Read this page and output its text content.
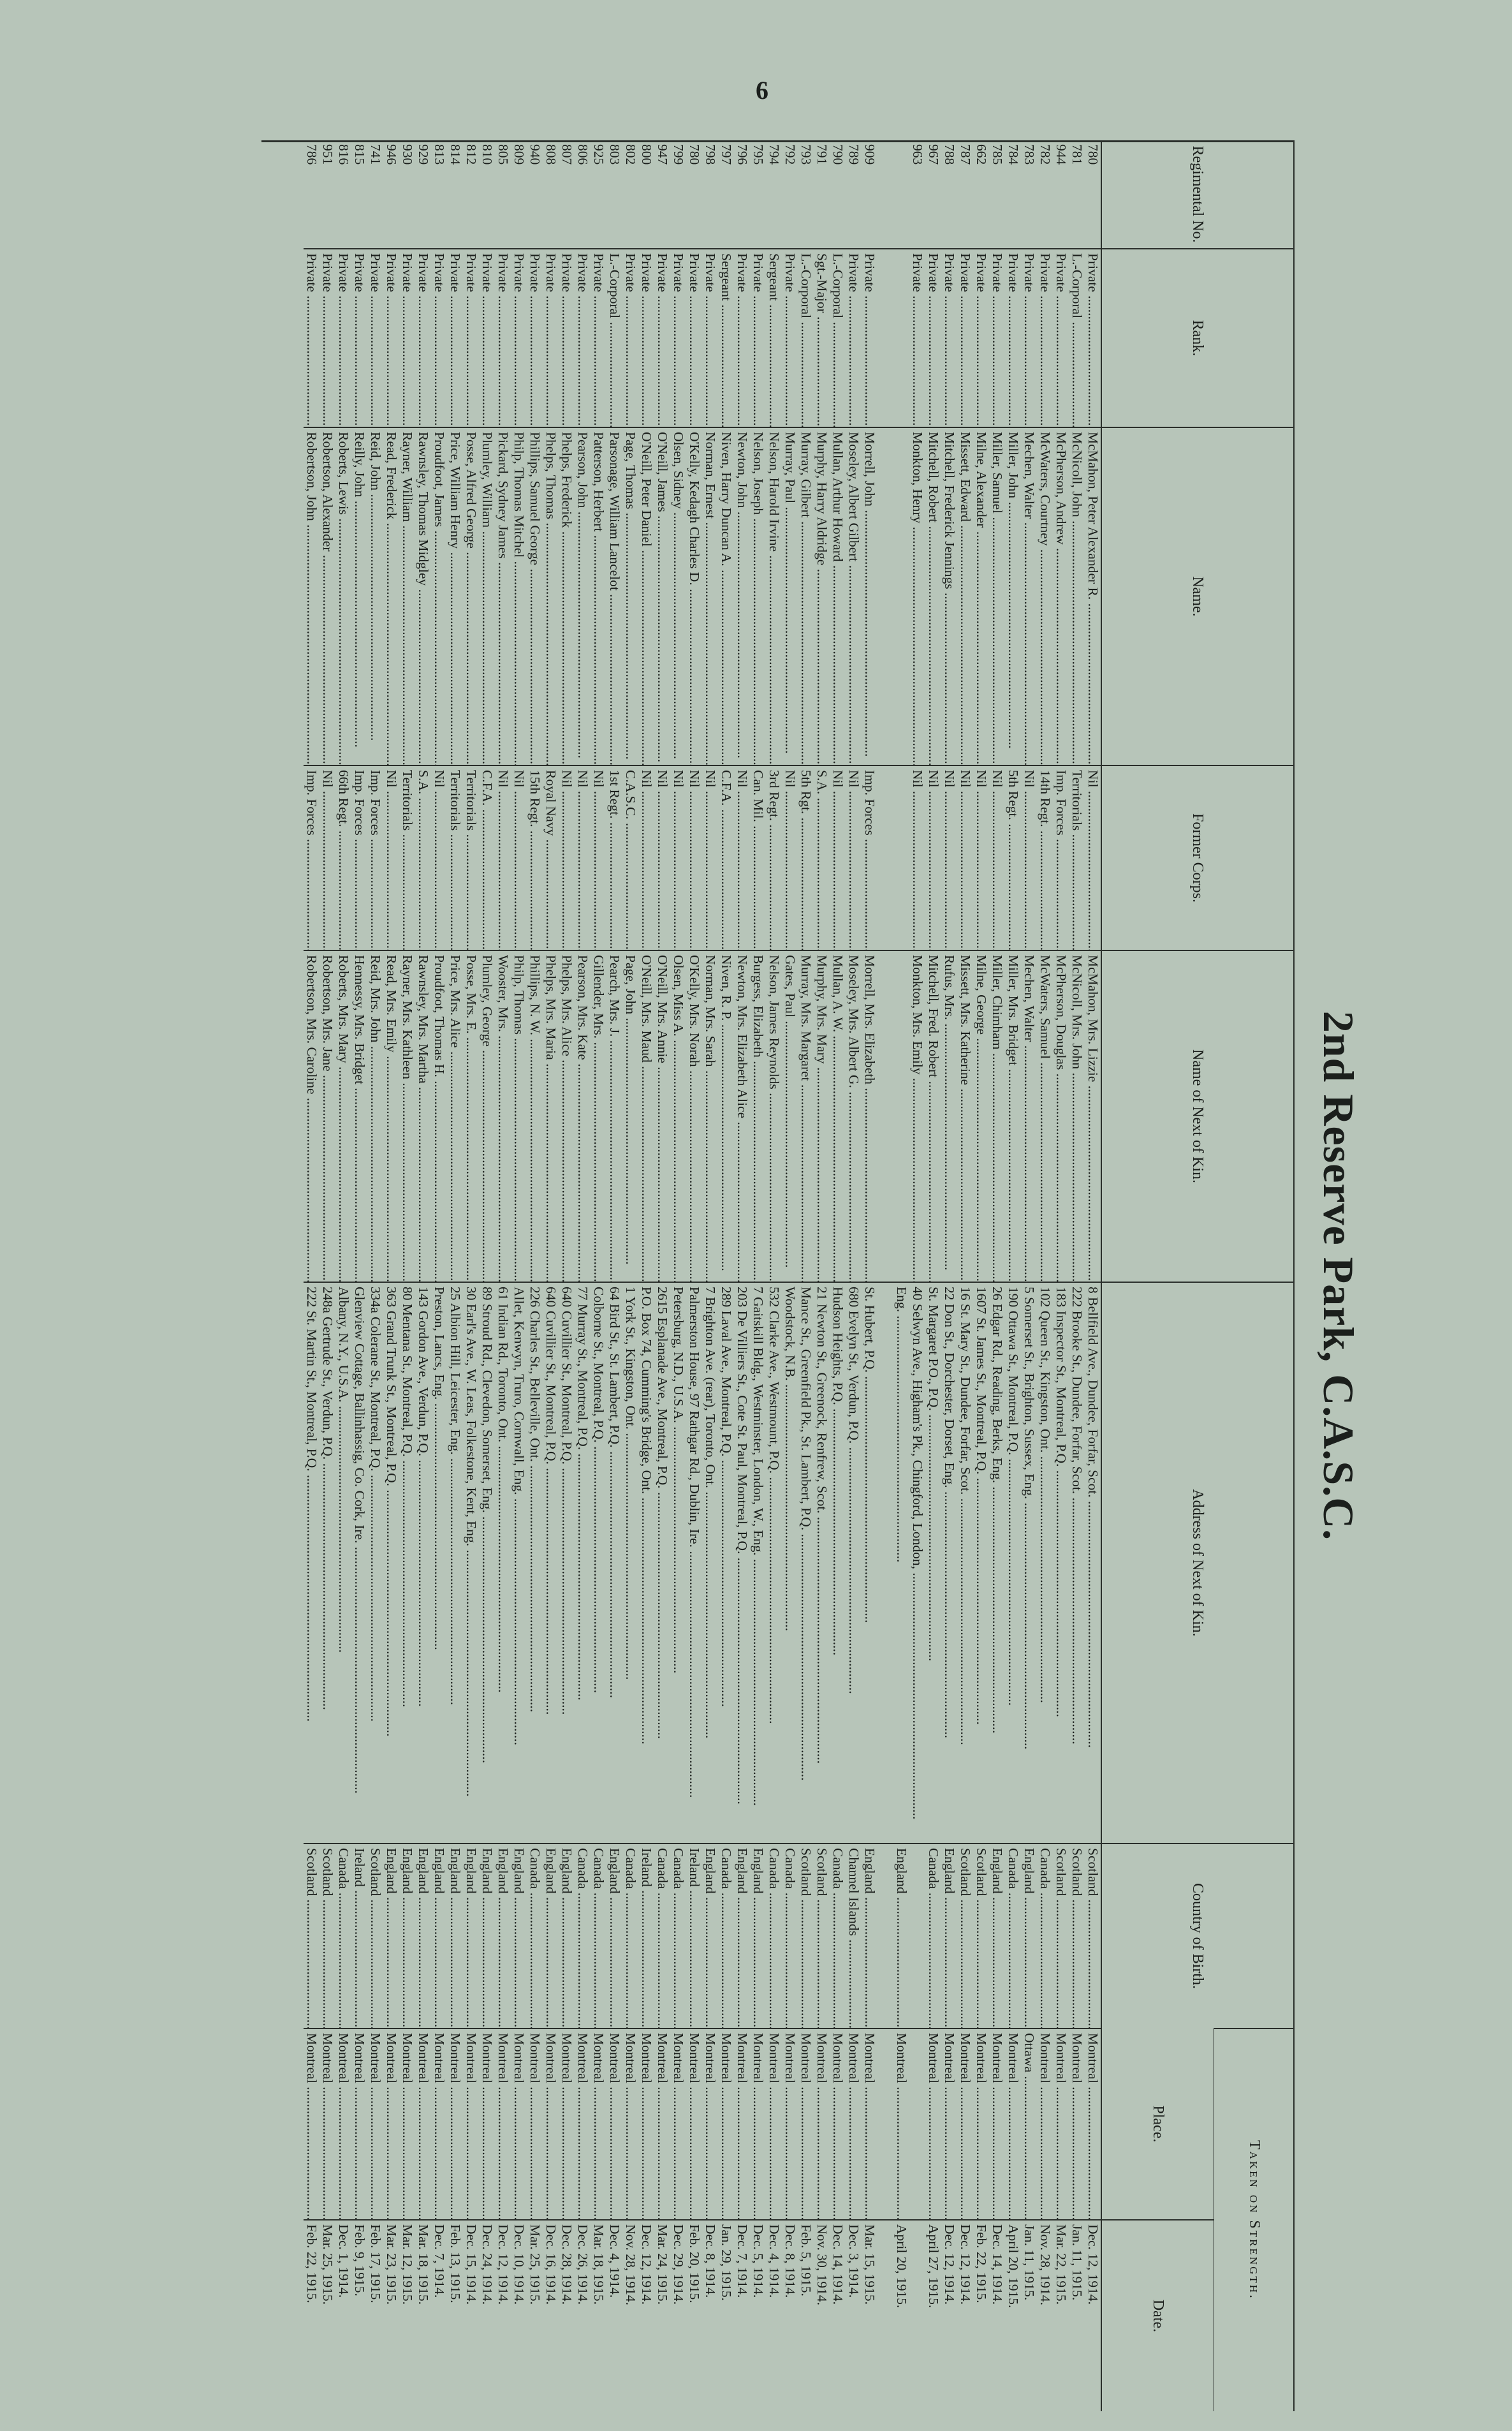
6
2nd Reserve Park, C.A.S.C.
Regimental No.	Rank.	Name.	Former Corps.	Name of Next of Kin.	Address of Next of Kin.	Country of Birth.	Taken on Strength.	
							Place.	Date.
780	Private .....	McMahon, Peter Alexander R. .....	Nil .....	McMahon, Mrs. Lizzie .....	8 Bellfield Ave., Dundee, Forfar, Scot. .....	Scotland .....	Montreal .....	Dec. 12, 1914.
781	L.-Corporal .....	McNicoll, John .....	Territorials .....	McNicoll, Mrs. John .....	222 Brooke St., Dundee, Forfar, Scot. .....	Scotland .....	Montreal .....	Jan. 11, 1915.
944	Private .....	McPherson, Andrew .....	Imp. Forces .....	McPherson, Douglas .....	183 Inspector St., Montreal, P.Q. .....	Scotland .....	Montreal .....	Mar. 22, 1915.
782	Private .....	McWaters, Courtney .....	14th Regt. .....	McWaters, Samuel .....	102 Queen St., Kingston, Ont. .....	Canada .....	Montreal .....	Nov. 28, 1914.
783	Private .....	Mechen, Walter .....	Nil .....	Mechen, Walter .....	5 Somerset St., Brighton, Sussex, Eng. .....	England .....	Ottawa .....	Jan. 11, 1915.
784	Private .....	Miller, John .....	5th Regt. .....	Miller, Mrs. Bridget .....	190 Ottawa St., Montreal, P.Q. .....	Canada .....	Montreal .....	April 20, 1915.
785	Private .....	Miller, Samuel .....	Nil .....	Miller, Chimham .....	26 Edgar Rd., Reading, Berks, Eng. .....	England .....	Montreal .....	Dec. 14, 1914.
662	Private .....	Milne, Alexander .....	Nil .....	Milne, George .....	1607 St. James St., Montreal, P.Q. .....	Scotland .....	Montreal .....	Feb. 22, 1915.
787	Private .....	Missett, Edward .....	Nil .....	Missett, Mrs. Katherine .....	16 St. Mary St., Dundee, Forfar, Scot. .....	Scotland .....	Montreal .....	Dec. 12, 1914.
788	Private .....	Mitchell, Frederick Jennings .....	Nil .....	Rufus, Mrs. .....	22 Don St., Dorchester, Dorset, Eng. .....	England .....	Montreal .....	Dec. 12, 1914.
967	Private .....	Mitchell, Robert .....	Nil .....	Mitchell, Fred. Robert .....	St. Margaret P.O., P.Q. .....	Canada .....	Montreal .....	April 27, 1915.
963	Private .....	Monkton, Henry .....	Nil .....	Monkton, Mrs. Emily .....	40 Selwyn Ave., Higham's Pk., Chingford, London, .....			
					Eng. .....	England .....	Montreal .....	April 20, 1915.

909	Private .....	Morrell, John .....	Imp. Forces .....	Morrell, Mrs. Elizabeth .....	St. Hubert, P.Q. .....	England .....	Montreal .....	Mar. 15, 1915.
789	Private .....	Moseley, Albert Gilbert .....	Nil .....	Moseley, Mrs. Albert G. .....	680 Evelyn St., Verdun, P.Q. .....	Channel Islands .....	Montreal .....	Dec. 3, 1914.
790	L.-Corporal .....	Mullan, Arthur Howard .....	Nil .....	Mullan, A. W. .....	Hudson Heights, P.Q. .....	Canada .....	Montreal .....	Dec. 14, 1914.
791	Sgt.-Major .....	Murphy, Harry Aldridge .....	S.A. .....	Murphy, Mrs. Mary .....	21 Newton St., Greenock, Renfrew, Scot. .....	Scotland .....	Montreal .....	Nov. 30, 1914.
793	L.-Corporal .....	Murray, Gilbert .....	5th Rgt. .....	Murray, Mrs. Margaret .....	Mance St., Greenfield Pk., St. Lambert, P.Q. .....	Scotland .....	Montreal .....	Feb. 5, 1915.
792	Private .....	Murray, Paul .....	Nil .....	Gates, Paul .....	Woodstock, N.B. .....	Canada .....	Montreal .....	Dec. 8, 1914.
794	Sergeant .....	Nelson, Harold Irvine .....	3rd Regt. .....	Nelson, James Reynolds .....	532 Clarke Ave., Westmount, P.Q. .....	Canada .....	Montreal .....	Dec. 4, 1914.
795	Private .....	Nelson, Joseph .....	Can. Mil. .....	Burgess, Elizabeth .....	7 Gaitskill Bldg., Westminster, London, W., Eng. .....	England .....	Montreal .....	Dec. 5, 1914.
796	Private .....	Newton, John .....	Nil .....	Newton, Mrs. Elizabeth Alice .....	203 De Villiers St., Cote St. Paul, Montreal, P.Q. .....	England .....	Montreal .....	Dec. 7, 1914.
797	Sergeant .....	Niven, Harry Duncan A. .....	C.F.A. .....	Niven, R. P. .....	289 Laval Ave., Montreal, P.Q. .....	Canada .....	Montreal .....	Jan. 29, 1915.
798	Private .....	Norman, Ernest .....	Nil .....	Norman, Mrs. Sarah .....	7 Brighton Ave. (rear), Toronto, Ont. .....	England .....	Montreal .....	Dec. 8, 1914.
780	Private .....	O'Kelly, Kedagh Charles D. .....	Nil .....	O'Kelly, Mrs. Norah .....	Palmerston House, 97 Rathgar Rd., Dublin, Ire. .....	Ireland .....	Montreal .....	Feb. 20, 1915.
799	Private .....	Olsen, Sidney .....	Nil .....	Olsen, Miss A. .....	Petersburg, N.D., U.S.A. .....	Canada .....	Montreal .....	Dec. 29, 1914.
947	Private .....	O'Neill, James .....	Nil .....	O'Neill, Mrs. Annie .....	2615 Esplanade Ave., Montreal, P.Q. .....	Canada .....	Montreal .....	Mar. 24, 1915.
800	Private .....	O'Neill, Peter Daniel .....	Nil .....	O'Neill, Mrs. Maud .....	P.O. Box 74, Cumming's Bridge, Ont. .....	Ireland .....	Montreal .....	Dec. 12, 1914.
802	Private .....	Page, Thomas .....	C.A.S.C. .....	Page, John .....	1 York St., Kingston, Ont. .....	Canada .....	Montreal .....	Nov. 28, 1914.
803	L.-Corporal .....	Parsonage, William Lancelot .....	1st Regt. .....	Pearch, Mrs. J. .....	64 Bird St., St. Lambert, P.Q. .....	England .....	Montreal .....	Dec. 4, 1914.
925	Private .....	Patterson, Herbert .....	Nil .....	Gillender, Mrs. .....	Colborne St., Montreal, P.Q. .....	Canada .....	Montreal .....	Mar. 18, 1915.
806	Private .....	Pearson, John .....	Nil .....	Pearson, Mrs. Kate .....	77 Murray St., Montreal, P.Q. .....	Canada .....	Montreal .....	Dec. 26, 1914.
807	Private .....	Phelps, Frederick .....	Nil .....	Phelps, Mrs. Alice .....	640 Cuvillier St., Montreal, P.Q. .....	England .....	Montreal .....	Dec. 28, 1914.
808	Private .....	Phelps, Thomas .....	Royal Navy .....	Phelps, Mrs. Maria .....	640 Cuvillier St., Montreal, P.Q. .....	England .....	Montreal .....	Dec. 16, 1914.
940	Private .....	Phillips, Samuel George .....	15th Regt. .....	Phillips, N. W. .....	226 Charles St., Belleville, Ont. .....	Canada .....	Montreal .....	Mar. 25, 1915.
809	Private .....	Philp, Thomas Mitchel .....	Nil .....	Philp, Thomas .....	Allet, Kenwyn, Truro, Cornwall, Eng. .....	England .....	Montreal .....	Dec. 10, 1914.
805	Private .....	Pickard, Sydney James .....	Nil .....	Wooster, Mrs. .....	61 Indian Rd., Toronto, Ont. .....	England .....	Montreal .....	Dec. 12, 1914.
810	Private .....	Plumley, William .....	C.F.A. .....	Plumley, George .....	89 Stroud Rd., Clevedon, Somerset, Eng. .....	England .....	Montreal .....	Dec. 24, 1914.
812	Private .....	Posse, Alfred George .....	Territorials .....	Posse, Mrs. E. .....	30 Earl's Ave., W. Leas, Folkestone, Kent, Eng. .....	England .....	Montreal .....	Dec. 15, 1914.
814	Private .....	Price, William Henry .....	Territorials .....	Price, Mrs. Alice .....	25 Albion Hill, Leicester, Eng. .....	England .....	Montreal .....	Feb. 13, 1915.
813	Private .....	Proudfoot, James .....	Nil .....	Proudfoot, Thomas H. .....	Preston, Lancs, Eng. .....	England .....	Montreal .....	Dec. 7, 1914.
929	Private .....	Rawnsley, Thomas Midgley .....	S.A. .....	Rawnsley, Mrs. Martha .....	143 Gordon Ave., Verdun, P.Q. .....	England .....	Montreal .....	Mar. 18, 1915.
930	Private .....	Rayner, William .....	Territorials .....	Rayner, Mrs. Kathleen .....	80 Mentana St., Montreal, P.Q. .....	England .....	Montreal .....	Mar. 12, 1915.
946	Private .....	Read, Frederick .....	Nil .....	Read, Mrs. Emily .....	363 Grand Trunk St., Montreal, P.Q. .....	England .....	Montreal .....	Mar. 23, 1915.
741	Private .....	Reid, John .....	Imp. Forces .....	Reid, Mrs. John .....	334a Colerane St., Montreal, P.Q. .....	Scotland .....	Montreal .....	Feb. 17, 1915.
815	Private .....	Reilly, John .....	Imp. Forces .....	Hennessy, Mrs. Bridget .....	Glenview Cottage, Ballinhassig, Co. Cork, Ire. .....	Ireland .....	Montreal .....	Feb. 9, 1915.
816	Private .....	Roberts, Lewis .....	66th Regt. .....	Roberts, Mrs. Mary .....	Albany, N.Y., U.S.A. .....	Canada .....	Montreal .....	Dec. 1, 1914.
951	Private .....	Robertson, Alexander .....	Nil .....	Robertson, Mrs. Jane .....	248a Gertrude St., Verdun, P.Q. .....	Scotland .....	Montreal .....	Mar. 25, 1915.
786	Private .....	Robertson, John .....	Imp. Forces .....	Robertson, Mrs. Caroline .....	222 St. Martin St., Montreal, P.Q. .....	Scotland .....	Montreal .....	Feb. 22, 1915.
